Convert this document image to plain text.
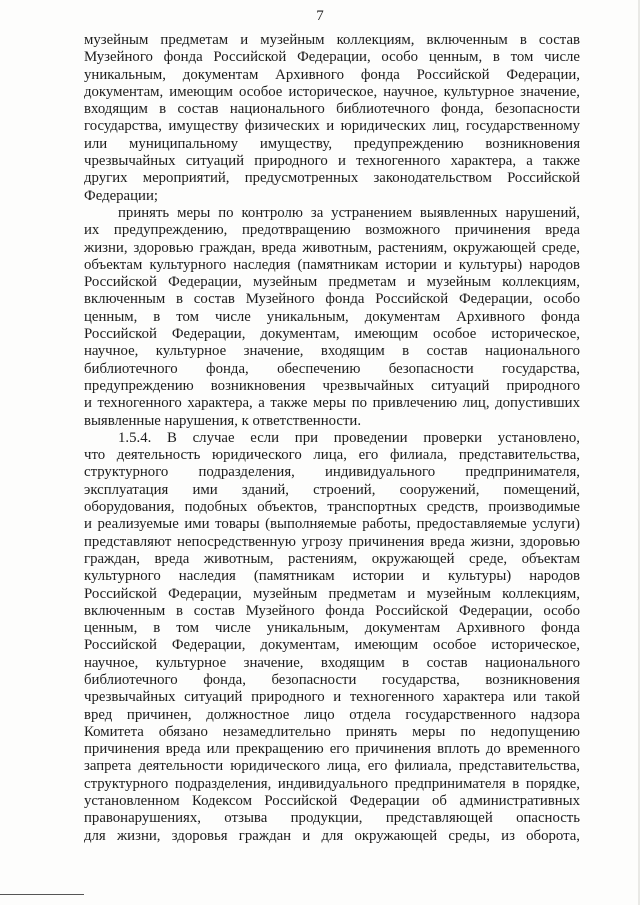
7
музейным предметам и музейным коллекциям, включенным в состав
Музейного фонда Российской Федерации, особо ценным, в том числе
уникальным, документам Архивного фонда Российской Федерации,
документам, имеющим особое историческое, научное, культурное значение,
входящим в состав национального библиотечного фонда, безопасности
государства, имуществу физических и юридических лиц, государственному
или муниципальному имуществу, предупреждению возникновения
чрезвычайных ситуаций природного и техногенного характера, а также
других мероприятий, предусмотренных законодательством Российской
Федерации;
принять меры по контролю за устранением выявленных нарушений,
их предупреждению, предотвращению возможного причинения вреда
жизни, здоровью граждан, вреда животным, растениям, окружающей среде,
объектам культурного наследия (памятникам истории и культуры) народов
Российской Федерации, музейным предметам и музейным коллекциям,
включенным в состав Музейного фонда Российской Федерации, особо
ценным, в том числе уникальным, документам Архивного фонда
Российской Федерации, документам, имеющим особое историческое,
научное, культурное значение, входящим в состав национального
библиотечного фонда, обеспечению безопасности государства,
предупреждению возникновения чрезвычайных ситуаций природного
и техногенного характера, а также меры по привлечению лиц, допустивших
выявленные нарушения, к ответственности.
1.5.4. В случае если при проведении проверки установлено,
что деятельность юридического лица, его филиала, представительства,
структурного подразделения, индивидуального предпринимателя,
эксплуатация ими зданий, строений, сооружений, помещений,
оборудования, подобных объектов, транспортных средств, производимые
и реализуемые ими товары (выполняемые работы, предоставляемые услуги)
представляют непосредственную угрозу причинения вреда жизни, здоровью
граждан, вреда животным, растениям, окружающей среде, объектам
культурного наследия (памятникам истории и культуры) народов
Российской Федерации, музейным предметам и музейным коллекциям,
включенным в состав Музейного фонда Российской Федерации, особо
ценным, в том числе уникальным, документам Архивного фонда
Российской Федерации, документам, имеющим особое историческое,
научное, культурное значение, входящим в состав национального
библиотечного фонда, безопасности государства, возникновения
чрезвычайных ситуаций природного и техногенного характера или такой
вред причинен, должностное лицо отдела государственного надзора
Комитета обязано незамедлительно принять меры по недопущению
причинения вреда или прекращению его причинения вплоть до временного
запрета деятельности юридического лица, его филиала, представительства,
структурного подразделения, индивидуального предпринимателя в порядке,
установленном Кодексом Российской Федерации об административных
правонарушениях, отзыва продукции, представляющей опасность
для жизни, здоровья граждан и для окружающей среды, из оборота,
